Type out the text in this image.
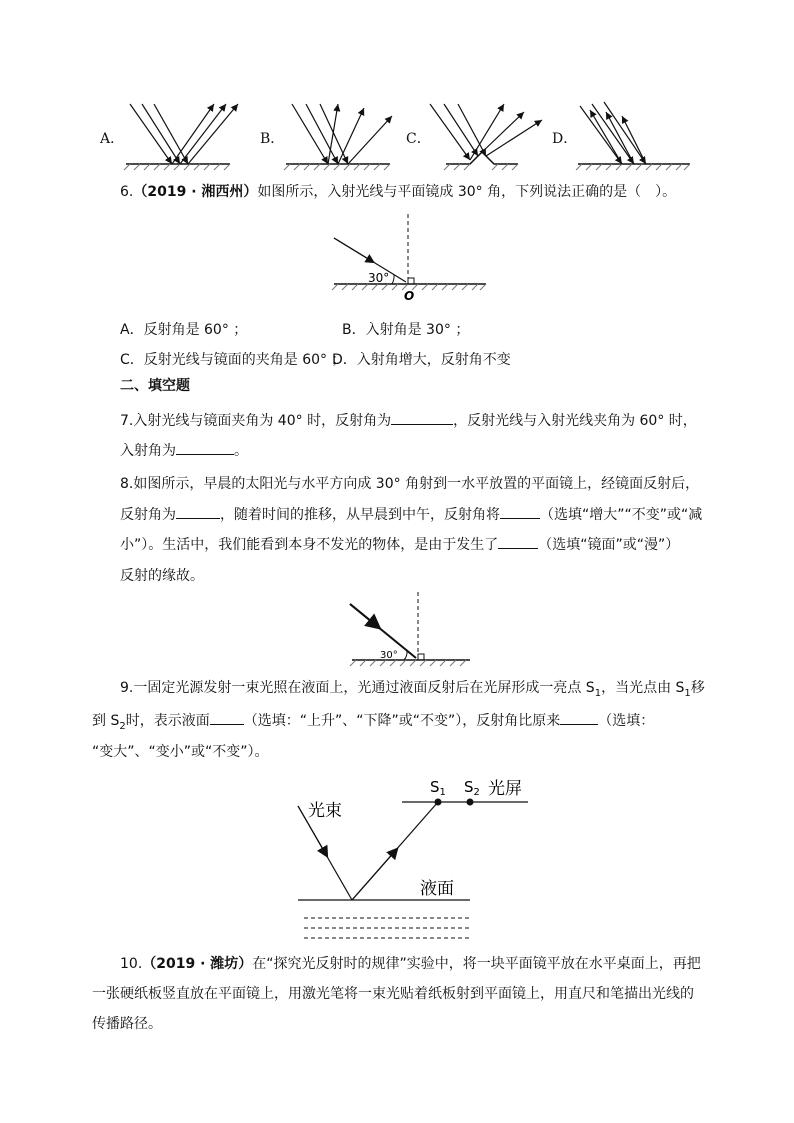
A．	B．	C．	D．
6.（2019 · 湘西州）如图所示，入射光线与平面镜成 30° 角，下列说法正确的是（　）。
30°
O
A．反射角是 60° ；	B．入射角是 30° ；
C．反射光线与镜面的夹角是 60° ；
D．入射角增大，反射角不变
二、填空题
7.入射光线与镜面夹角为 40° 时，反射角为	，反射光线与入射光线夹角为 60° 时，
入射角为	。
8.如图所示，早晨的太阳光与水平方向成 30° 角射到一水平放置的平面镜上，经镜面反射后，
反射角为	，随着时间的推移，从早晨到中午，反射角将	（选填“增大”“不变”或“减
小”）。生活中，我们能看到本身不发光的物体，是由于发生了	（选填“镜面”或“漫”）
反射的缘故。
30°
9.一固定光源发射一束光照在液面上，光通过液面反射后在光屏形成一亮点 $S_1$，当光点由 $S_1$移
到 $S_2$时，表示液面 （选填：“上升”、“下降”或“不变”），反射角比原来	（选填：
“变大”、“变小”或“不变”）。
光束
$S_1$ $S_2$ 光屏
液面
10.（2019 · 潍坊）在“探究光反射时的规律”实验中，将一块平面镜平放在水平桌面上，再把
一张硬纸板竖直放在平面镜上，用激光笔将一束光贴着纸板射到平面镜上，用直尺和笔描出光线的
传播路径。
